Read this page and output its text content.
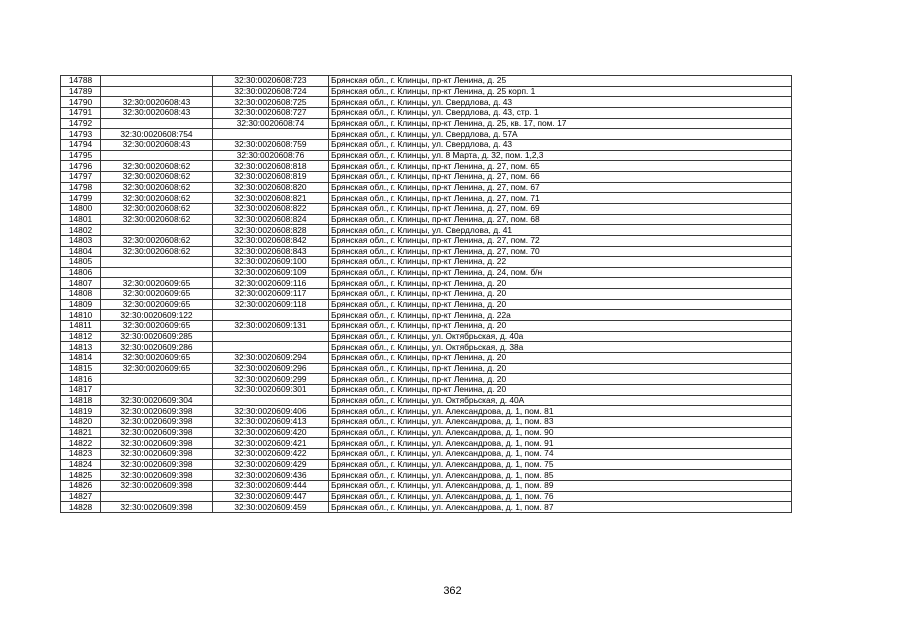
14788		32:30:0020608:723	Брянская обл., г. Клинцы, пр-кт Ленина, д. 25
14789		32:30:0020608:724	Брянская обл., г. Клинцы, пр-кт Ленина, д. 25 корп. 1
14790	32:30:0020608:43	32:30:0020608:725	Брянская обл., г. Клинцы, ул. Свердлова, д. 43
14791	32:30:0020608:43	32:30:0020608:727	Брянская обл., г. Клинцы, ул. Свердлова, д. 43, стр. 1
14792		32:30:0020608:74	Брянская обл., г. Клинцы, пр-кт Ленина, д. 25, кв. 17, пом. 17
14793	32:30:0020608:754		Брянская обл., г. Клинцы, ул. Свердлова, д. 57А
14794	32:30:0020608:43	32:30:0020608:759	Брянская обл., г. Клинцы, ул. Свердлова, д. 43
14795		32:30:0020608:76	Брянская обл., г. Клинцы, ул. 8 Марта, д. 32, пом. 1,2,3
14796	32:30:0020608:62	32:30:0020608:818	Брянская обл., г. Клинцы, пр-кт Ленина, д. 27, пом. 65
14797	32:30:0020608:62	32:30:0020608:819	Брянская обл., г. Клинцы, пр-кт Ленина, д. 27, пом. 66
14798	32:30:0020608:62	32:30:0020608:820	Брянская обл., г. Клинцы, пр-кт Ленина, д. 27, пом. 67
14799	32:30:0020608:62	32:30:0020608:821	Брянская обл., г. Клинцы, пр-кт Ленина, д. 27, пом. 71
14800	32:30:0020608:62	32:30:0020608:822	Брянская обл., г. Клинцы, пр-кт Ленина, д. 27, пом. 69
14801	32:30:0020608:62	32:30:0020608:824	Брянская обл., г. Клинцы, пр-кт Ленина, д. 27, пом. 68
14802		32:30:0020608:828	Брянская обл., г. Клинцы, ул. Свердлова, д. 41
14803	32:30:0020608:62	32:30:0020608:842	Брянская обл., г. Клинцы, пр-кт Ленина, д. 27, пом. 72
14804	32:30:0020608:62	32:30:0020608:843	Брянская обл., г. Клинцы, пр-кт Ленина, д. 27, пом. 70
14805		32:30:0020609:100	Брянская обл., г. Клинцы, пр-кт Ленина, д. 22
14806		32:30:0020609:109	Брянская обл., г. Клинцы, пр-кт Ленина, д. 24, пом. б/н
14807	32:30:0020609:65	32:30:0020609:116	Брянская обл., г. Клинцы, пр-кт Ленина, д. 20
14808	32:30:0020609:65	32:30:0020609:117	Брянская обл., г. Клинцы, пр-кт Ленина, д. 20
14809	32:30:0020609:65	32:30:0020609:118	Брянская обл., г. Клинцы, пр-кт Ленина, д. 20
14810	32:30:0020609:122		Брянская обл., г. Клинцы, пр-кт Ленина, д. 22а
14811	32:30:0020609:65	32:30:0020609:131	Брянская обл., г. Клинцы, пр-кт Ленина, д. 20
14812	32:30:0020609:285		Брянская обл., г. Клинцы, ул. Октябрьская, д. 40а
14813	32:30:0020609:286		Брянская обл., г. Клинцы, ул. Октябрьская, д. 38а
14814	32:30:0020609:65	32:30:0020609:294	Брянская обл., г. Клинцы, пр-кт Ленина, д. 20
14815	32:30:0020609:65	32:30:0020609:296	Брянская обл., г. Клинцы, пр-кт Ленина, д. 20
14816		32:30:0020609:299	Брянская обл., г. Клинцы, пр-кт Ленина, д. 20
14817		32:30:0020609:301	Брянская обл., г. Клинцы, пр-кт Ленина, д. 20
14818	32:30:0020609:304		Брянская обл., г. Клинцы, ул. Октябрьская, д. 40А
14819	32:30:0020609:398	32:30:0020609:406	Брянская обл., г. Клинцы, ул. Александрова, д. 1, пом. 81
14820	32:30:0020609:398	32:30:0020609:413	Брянская обл., г. Клинцы, ул. Александрова, д. 1, пом. 83
14821	32:30:0020609:398	32:30:0020609:420	Брянская обл., г. Клинцы, ул. Александрова, д. 1, пом. 90
14822	32:30:0020609:398	32:30:0020609:421	Брянская обл., г. Клинцы, ул. Александрова, д. 1, пом. 91
14823	32:30:0020609:398	32:30:0020609:422	Брянская обл., г. Клинцы, ул. Александрова, д. 1, пом. 74
14824	32:30:0020609:398	32:30:0020609:429	Брянская обл., г. Клинцы, ул. Александрова, д. 1, пом. 75
14825	32:30:0020609:398	32:30:0020609:436	Брянская обл., г. Клинцы, ул. Александрова, д. 1, пом. 85
14826	32:30:0020609:398	32:30:0020609:444	Брянская обл., г. Клинцы, ул. Александрова, д. 1, пом. 89
14827		32:30:0020609:447	Брянская обл., г. Клинцы, ул. Александрова, д. 1, пом. 76
14828	32:30:0020609:398	32:30:0020609:459	Брянская обл., г. Клинцы, ул. Александрова, д. 1, пом. 87
362
